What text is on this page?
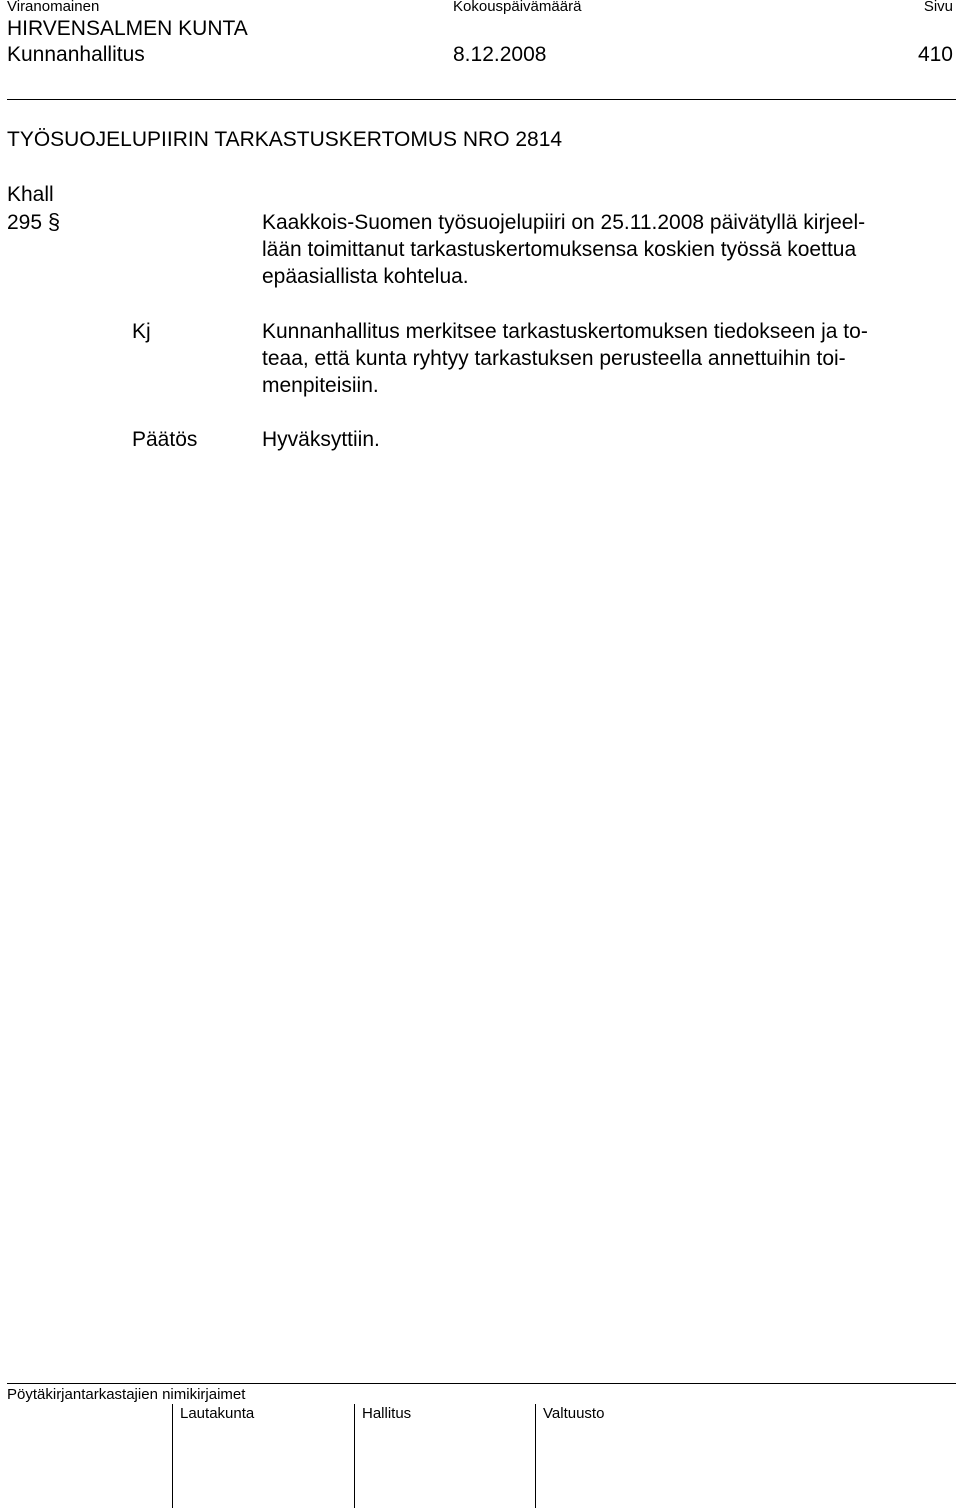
Viranomainen	Kokouspäivämäärä	Sivu
HIRVENSALMEN KUNTA
Kunnanhallitus	8.12.2008	410
TYÖSUOJELUPIIRIN TARKASTUSKERTOMUS NRO 2814
Khall
295 §	Kaakkois-Suomen työsuojelupiiri on 25.11.2008 päivätyllä kirjeel-
lään toimittanut tarkastuskertomuksensa koskien työssä koettua
epäasiallista kohtelua.
Kj	Kunnanhallitus merkitsee tarkastuskertomuksen tiedokseen ja to-
teaa, että kunta ryhtyy tarkastuksen perusteella annettuihin toi-
menpiteisiin.
Päätös	Hyväksyttiin.
Pöytäkirjantarkastajien nimikirjaimet
Lautakunta	Hallitus	Valtuusto
